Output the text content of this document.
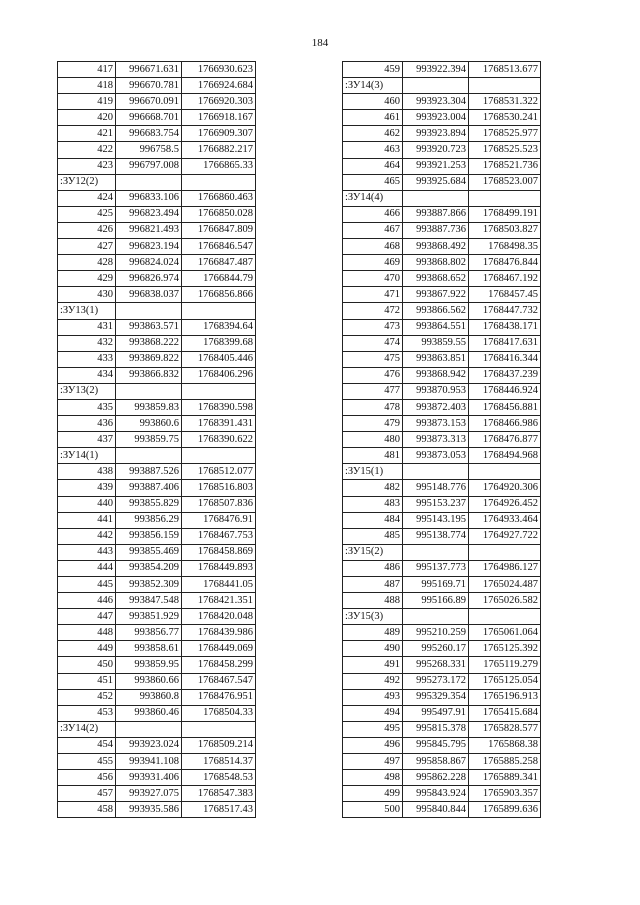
184
417	996671.631	1766930.623
418	996670.781	1766924.684
419	996670.091	1766920.303
420	996668.701	1766918.167
421	996683.754	1766909.307
422	996758.5	1766882.217
423	996797.008	1766865.33
:ЗУ12(2)		
424	996833.106	1766860.463
425	996823.494	1766850.028
426	996821.493	1766847.809
427	996823.194	1766846.547
428	996824.024	1766847.487
429	996826.974	1766844.79
430	996838.037	1766856.866
:ЗУ13(1)		
431	993863.571	1768394.64
432	993868.222	1768399.68
433	993869.822	1768405.446
434	993866.832	1768406.296
:ЗУ13(2)		
435	993859.83	1768390.598
436	993860.6	1768391.431
437	993859.75	1768390.622
:ЗУ14(1)		
438	993887.526	1768512.077
439	993887.406	1768516.803
440	993855.829	1768507.836
441	993856.29	1768476.91
442	993856.159	1768467.753
443	993855.469	1768458.869
444	993854.209	1768449.893
445	993852.309	1768441.05
446	993847.548	1768421.351
447	993851.929	1768420.048
448	993856.77	1768439.986
449	993858.61	1768449.069
450	993859.95	1768458.299
451	993860.66	1768467.547
452	993860.8	1768476.951
453	993860.46	1768504.33
:ЗУ14(2)		
454	993923.024	1768509.214
455	993941.108	1768514.37
456	993931.406	1768548.53
457	993927.075	1768547.383
458	993935.586	1768517.43
459	993922.394	1768513.677
:ЗУ14(3)		
460	993923.304	1768531.322
461	993923.004	1768530.241
462	993923.894	1768525.977
463	993920.723	1768525.523
464	993921.253	1768521.736
465	993925.684	1768523.007
:ЗУ14(4)		
466	993887.866	1768499.191
467	993887.736	1768503.827
468	993868.492	1768498.35
469	993868.802	1768476.844
470	993868.652	1768467.192
471	993867.922	1768457.45
472	993866.562	1768447.732
473	993864.551	1768438.171
474	993859.55	1768417.631
475	993863.851	1768416.344
476	993868.942	1768437.239
477	993870.953	1768446.924
478	993872.403	1768456.881
479	993873.153	1768466.986
480	993873.313	1768476.877
481	993873.053	1768494.968
:ЗУ15(1)		
482	995148.776	1764920.306
483	995153.237	1764926.452
484	995143.195	1764933.464
485	995138.774	1764927.722
:ЗУ15(2)		
486	995137.773	1764986.127
487	995169.71	1765024.487
488	995166.89	1765026.582
:ЗУ15(3)		
489	995210.259	1765061.064
490	995260.17	1765125.392
491	995268.331	1765119.279
492	995273.172	1765125.054
493	995329.354	1765196.913
494	995497.91	1765415.684
495	995815.378	1765828.577
496	995845.795	1765868.38
497	995858.867	1765885.258
498	995862.228	1765889.341
499	995843.924	1765903.357
500	995840.844	1765899.636
